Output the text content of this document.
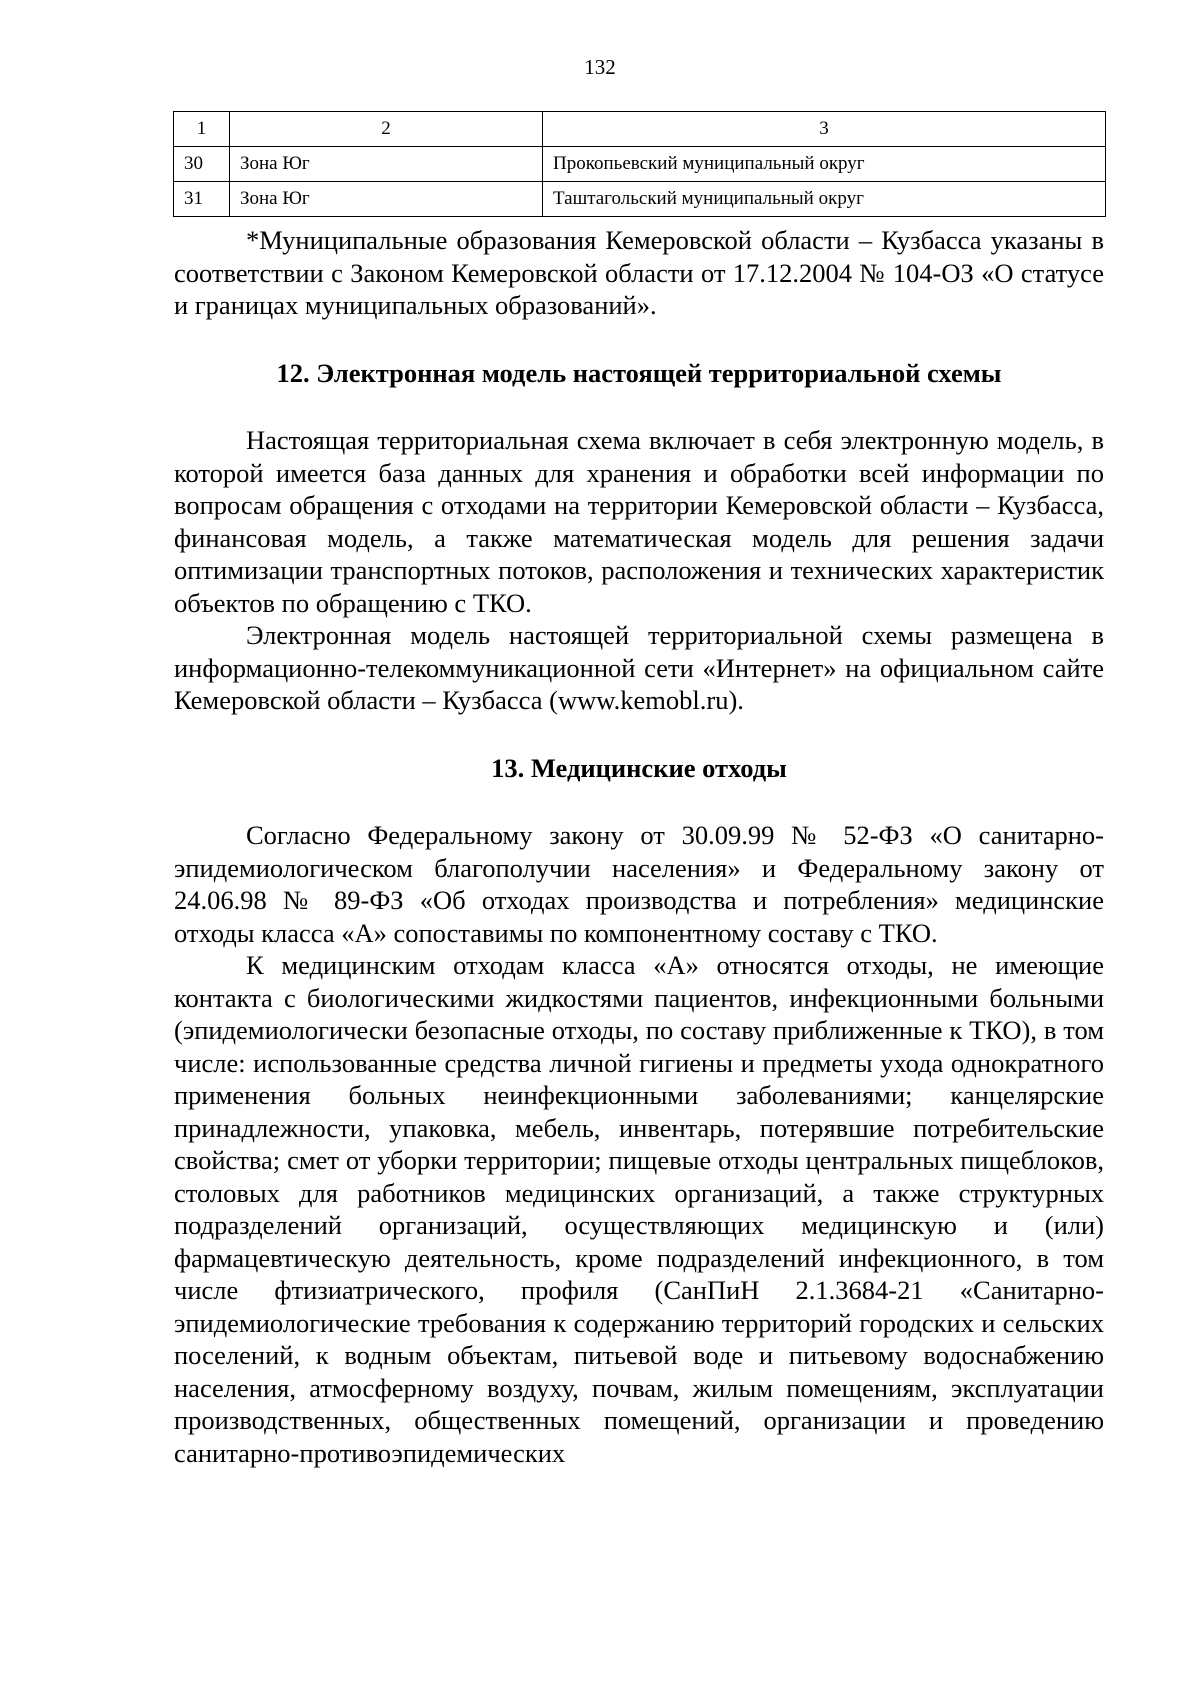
132
1	2	3
30	Зона Юг	Прокопьевский муниципальный округ
31	Зона Юг	Таштагольский муниципальный округ

*Муниципальные образования Кемеровской области – Кузбасса указаны в соответствии с Законом Кемеровской области от 17.12.2004 № 104-ОЗ «О статусе и границах муниципальных образований».

12. Электронная модель настоящей территориальной схемы

Настоящая территориальная схема включает в себя электронную модель, в которой имеется база данных для хранения и обработки всей информации по вопросам обращения с отходами на территории Кемеровской области – Кузбасса, финансовая модель, а также математическая модель для решения задачи оптимизации транспортных потоков, расположения и технических характеристик объектов по обращению с ТКО.

Электронная модель настоящей территориальной схемы размещена в информационно-телекоммуникационной сети «Интернет» на официальном сайте Кемеровской области – Кузбасса (www.kemobl.ru).

13. Медицинские отходы

Согласно Федеральному закону от 30.09.99 № 52-ФЗ «О санитарно-эпидемиологическом благополучии населения» и Федеральному закону от 24.06.98 № 89-ФЗ «Об отходах производства и потребления» медицинские отходы класса «А» сопоставимы по компонентному составу с ТКО.

К медицинским отходам класса «А» относятся отходы, не имеющие контакта с биологическими жидкостями пациентов, инфекционными больными (эпидемиологически безопасные отходы, по составу приближенные к ТКО), в том числе: использованные средства личной гигиены и предметы ухода однократного применения больных неинфекционными заболеваниями; канцелярские принадлежности, упаковка, мебель, инвентарь, потерявшие потребительские свойства; смет от уборки территории; пищевые отходы центральных пищеблоков, столовых для работников медицинских организаций, а также структурных подразделений организаций, осуществляющих медицинскую и (или) фармацевтическую деятельность, кроме подразделений инфекционного, в том числе фтизиатрического, профиля (СанПиН 2.1.3684-21 «Санитарно-эпидемиологические требования к содержанию территорий городских и сельских поселений, к водным объектам, питьевой воде и питьевому водоснабжению населения, атмосферному воздуху, почвам, жилым помещениям, эксплуатации производственных, общественных помещений, организации и проведению санитарно-противоэпидемических
